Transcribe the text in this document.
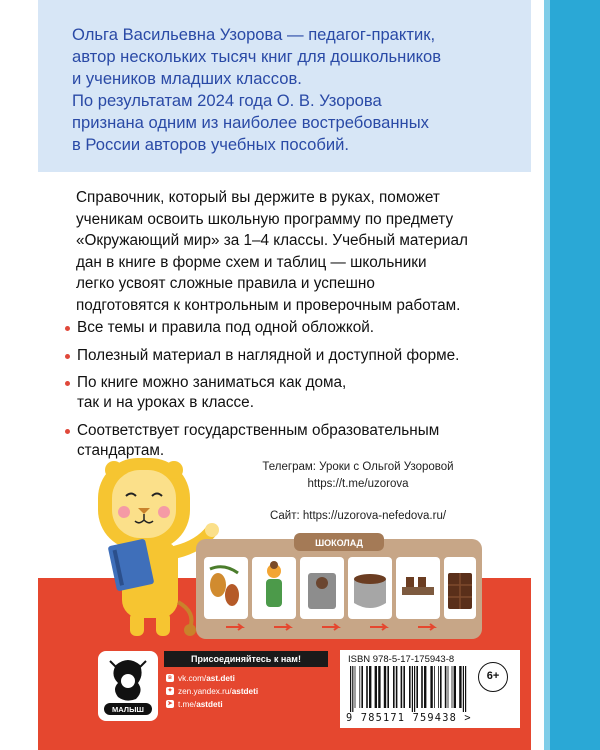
Ольга Васильевна Узорова — педагог-практик,
автор нескольких тысяч книг для дошкольников
и учеников младших классов.
По результатам 2024 года О. В. Узорова
признана одним из наиболее востребованных
в России авторов учебных пособий.
Справочник, который вы держите в руках, поможет
ученикам освоить школьную программу по предмету
«Окружающий мир» за 1–4 классы. Учебный материал
дан в книге в форме схем и таблиц — школьники
легко усвоят сложные правила и успешно
подготовятся к контрольным и проверочным работам.
Все темы и правила под одной обложкой.
Полезный материал в наглядной и доступной форме.
По книге можно заниматься как дома,
так и на уроках в классе.
Соответствует государственным образовательным
стандартам.
Телеграм: Уроки с Ольгой Узоровой
https://t.me/uzorova
Сайт: https://uzorova-nefedova.ru/
ШОКОЛАД
МАЛЫШ
Присоединяйтесь к нам!
в vk.com/ ast.deti
✦ zen.yandex.ru/ astdeti
➤ t.me/ astdeti
ISBN 978-5-17-175943-8
9 785171 759438 >
6+
